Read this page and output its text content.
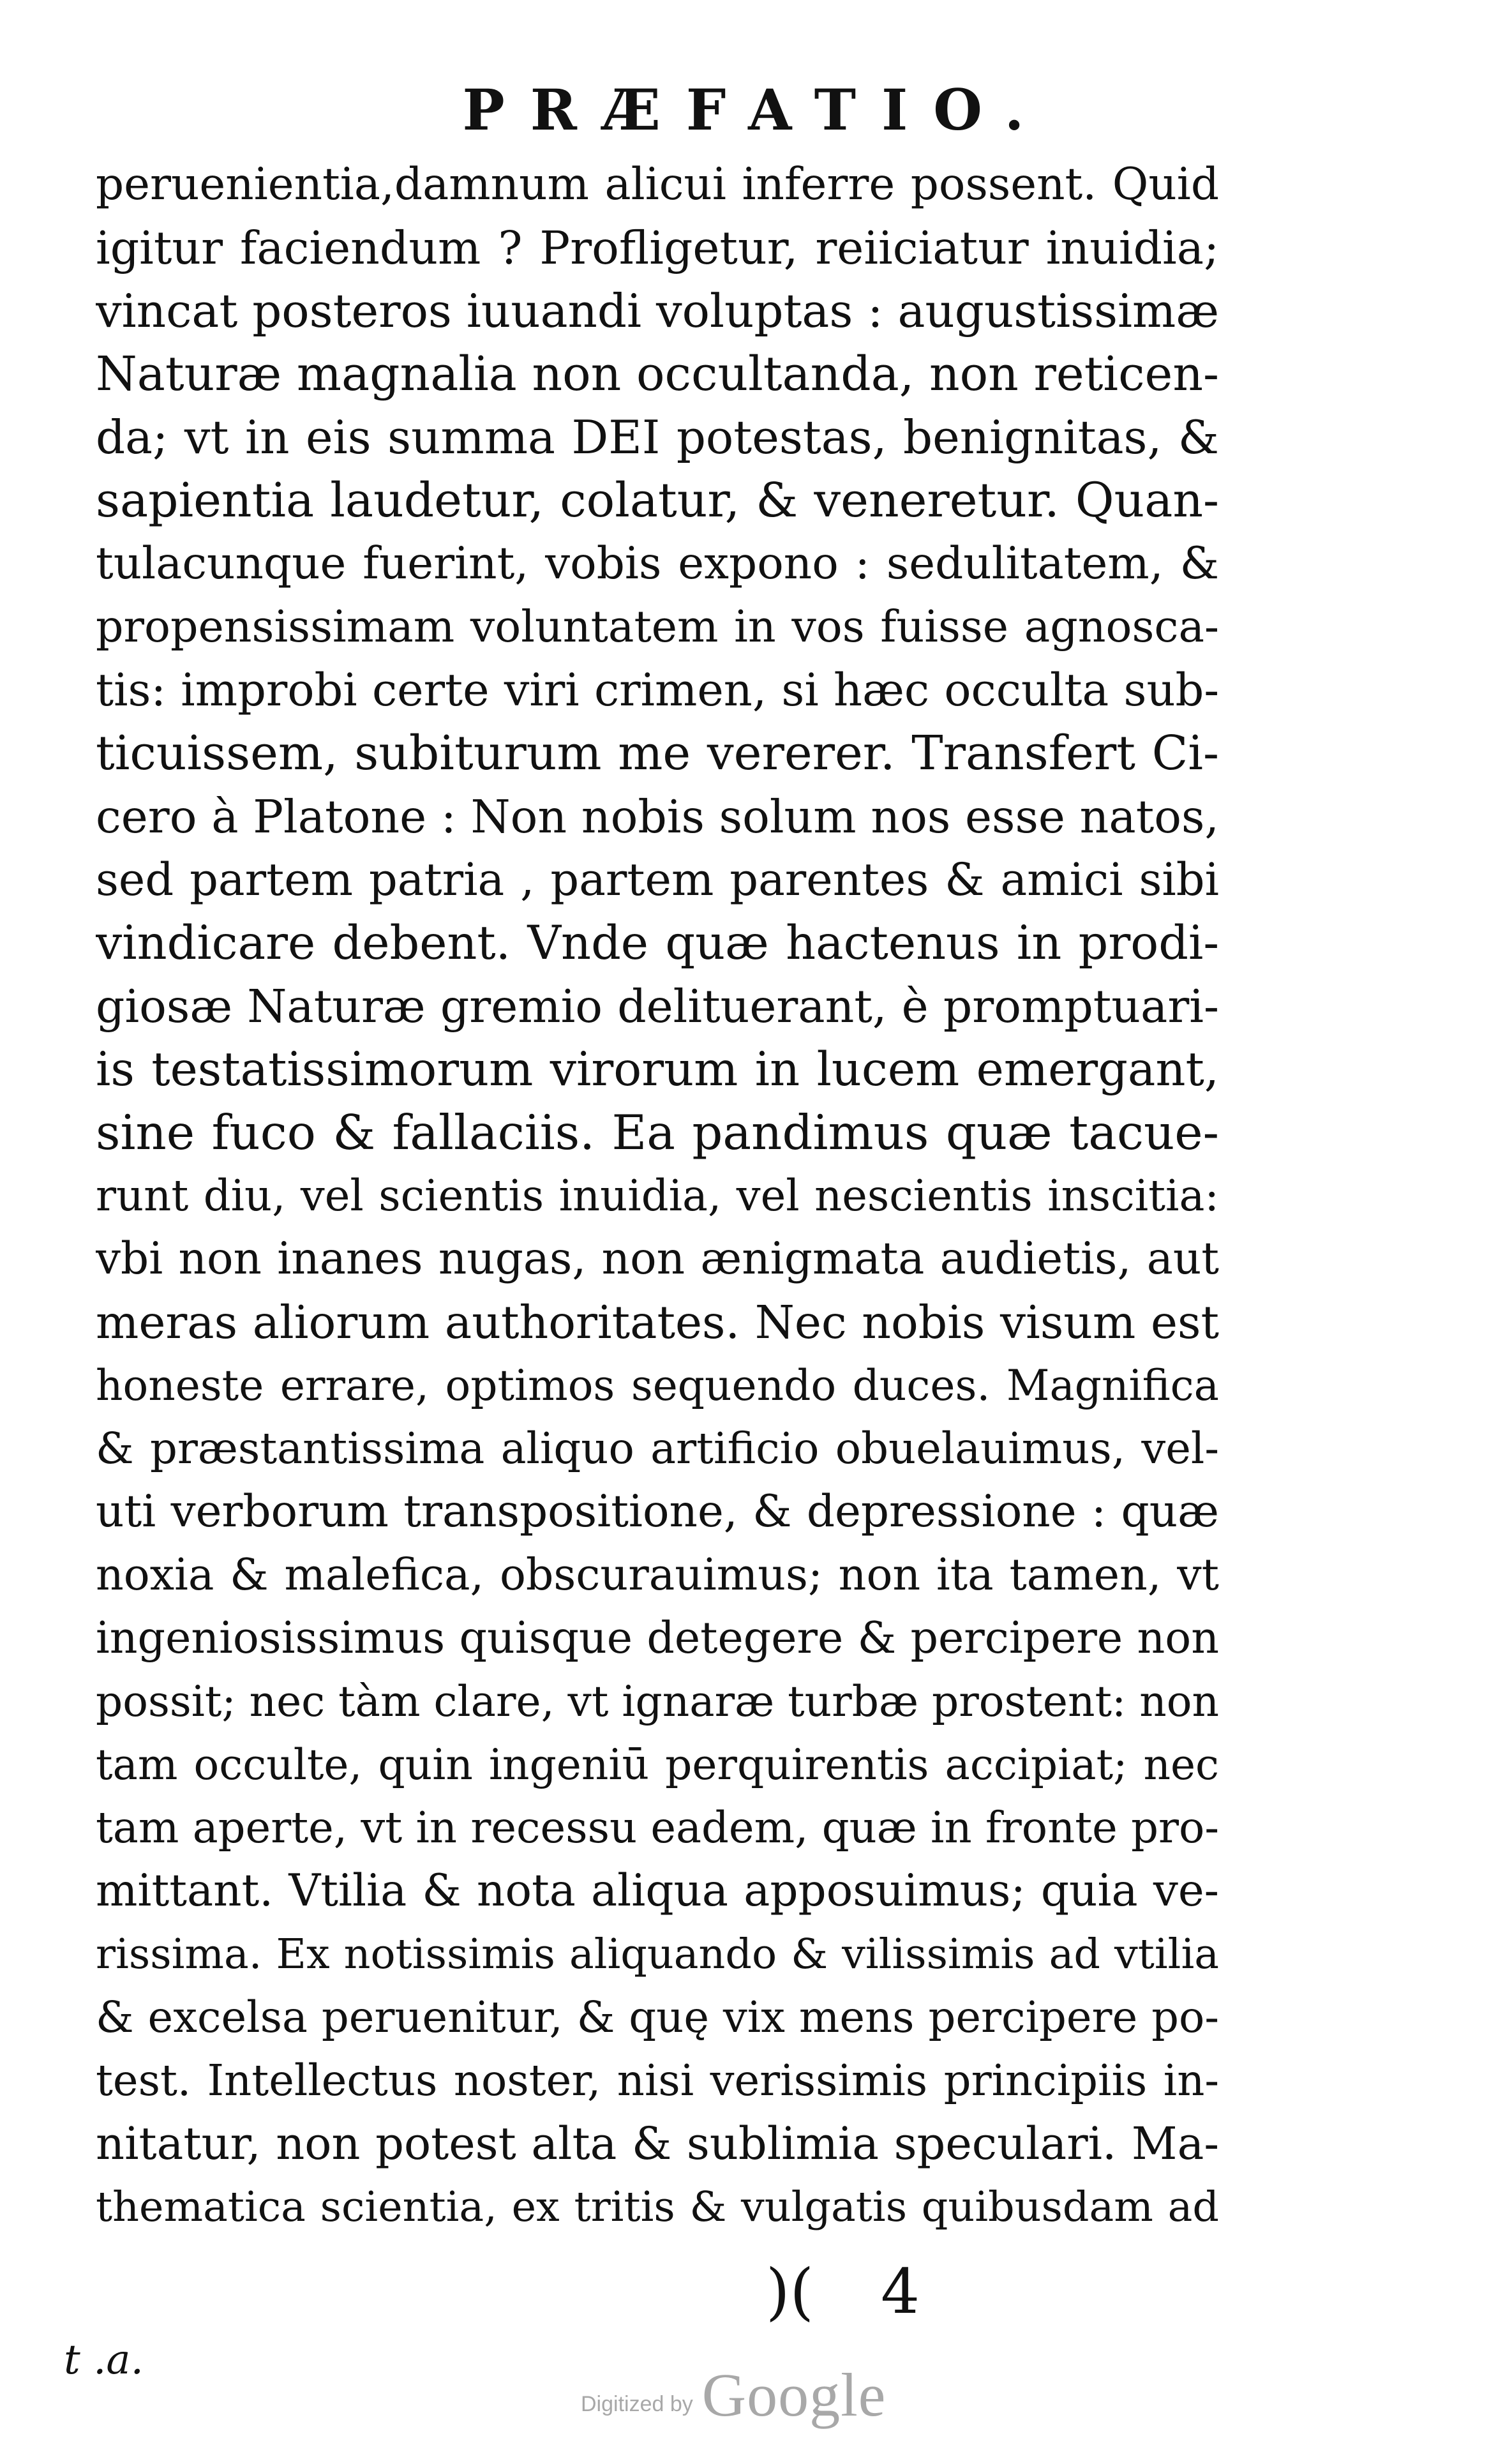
PRÆFATIO.
peruenientia,damnum alicui inferre possent. Quid
igitur faciendum ? Profligetur, reiiciatur inuidia;
vincat posteros iuuandi voluptas : augustissimæ
Naturæ magnalia non occultanda, non reticen-
da; vt in eis summa DEI potestas, benignitas, &
sapientia laudetur, colatur, & veneretur. Quan-
tulacunque fuerint, vobis expono : sedulitatem, &
propensissimam voluntatem in vos fuisse agnosca-
tis: improbi certe viri crimen, si hæc occulta sub-
ticuissem, subiturum me vererer. Transfert Ci-
cero à Platone : Non nobis solum nos esse natos,
sed partem patria , partem parentes & amici sibi
vindicare debent. Vnde quæ hactenus in prodi-
giosæ Naturæ gremio delituerant, è promptuari-
is testatissimorum virorum in lucem emergant,
sine fuco & fallaciis. Ea pandimus quæ tacue-
runt diu, vel scientis inuidia, vel nescientis inscitia:
vbi non inanes nugas, non ænigmata audietis, aut
meras aliorum authoritates. Nec nobis visum est
honeste errare, optimos sequendo duces. Magnifica
& præstantissima aliquo artificio obuelauimus, vel-
uti verborum transpositione, & depressione : quæ
noxia & malefica, obscurauimus; non ita tamen, vt
ingeniosissimus quisque detegere & percipere non
possit; nec tàm clare, vt ignaræ turbæ prostent: non
tam occulte, quin ingeniū perquirentis accipiat; nec
tam aperte, vt in recessu eadem, quæ in fronte pro-
mittant. Vtilia & nota aliqua apposuimus; quia ve-
rissima. Ex notissimis aliquando & vilissimis ad vtilia
& excelsa peruenitur, & quę vix mens percipere po-
test. Intellectus noster, nisi verissimis principiis in-
nitatur, non potest alta & sublimia speculari. Ma-
thematica scientia, ex tritis & vulgatis quibusdam ad
)( 4
t .a.
Digitized by Google
